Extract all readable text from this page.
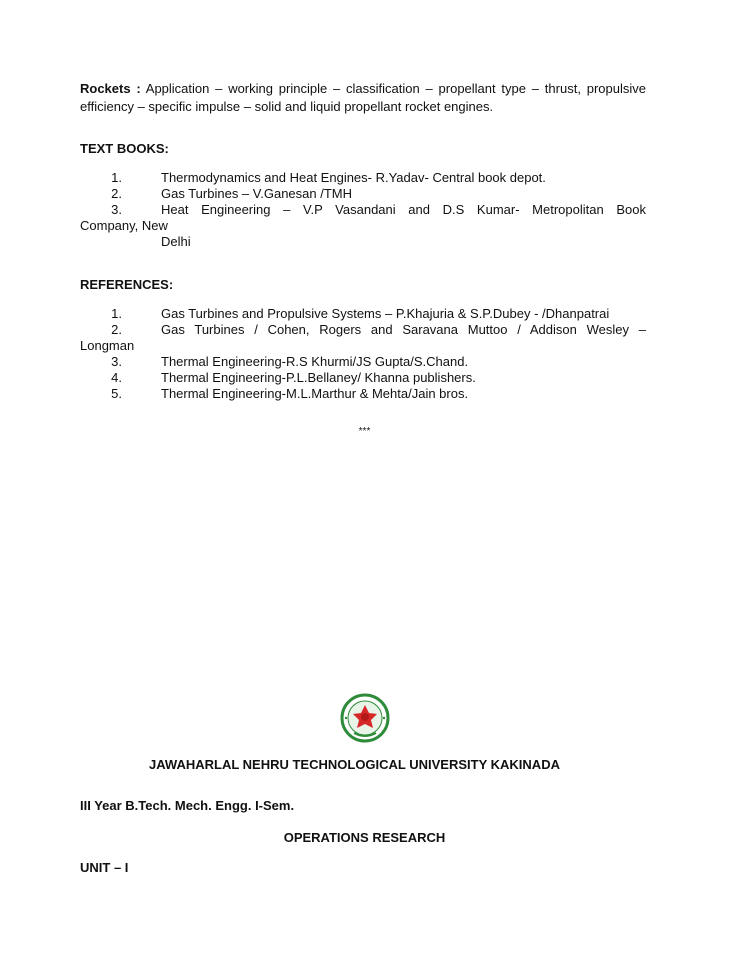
Rockets : Application – working principle – classification – propellant type – thrust, propulsive efficiency – specific impulse – solid and liquid propellant rocket engines.
TEXT BOOKS:
1.	Thermodynamics and Heat Engines- R.Yadav- Central book depot.
2.	Gas Turbines – V.Ganesan /TMH
3.	Heat Engineering – V.P Vasandani and D.S Kumar- Metropolitan Book
Company, New
Delhi
REFERENCES:
1.	Gas Turbines and Propulsive Systems – P.Khajuria & S.P.Dubey - /Dhanpatrai
2.	Gas Turbines / Cohen, Rogers and Saravana Muttoo / Addison Wesley –
Longman
3.	Thermal Engineering-R.S Khurmi/JS Gupta/S.Chand.
4.	Thermal Engineering-P.L.Bellaney/ Khanna publishers.
5.	Thermal Engineering-M.L.Marthur & Mehta/Jain bros.
***
JAWAHARLAL NEHRU TECHNOLOGICAL UNIVERSITY KAKINADA
III Year B.Tech. Mech. Engg. I-Sem.
OPERATIONS RESEARCH
UNIT – I
